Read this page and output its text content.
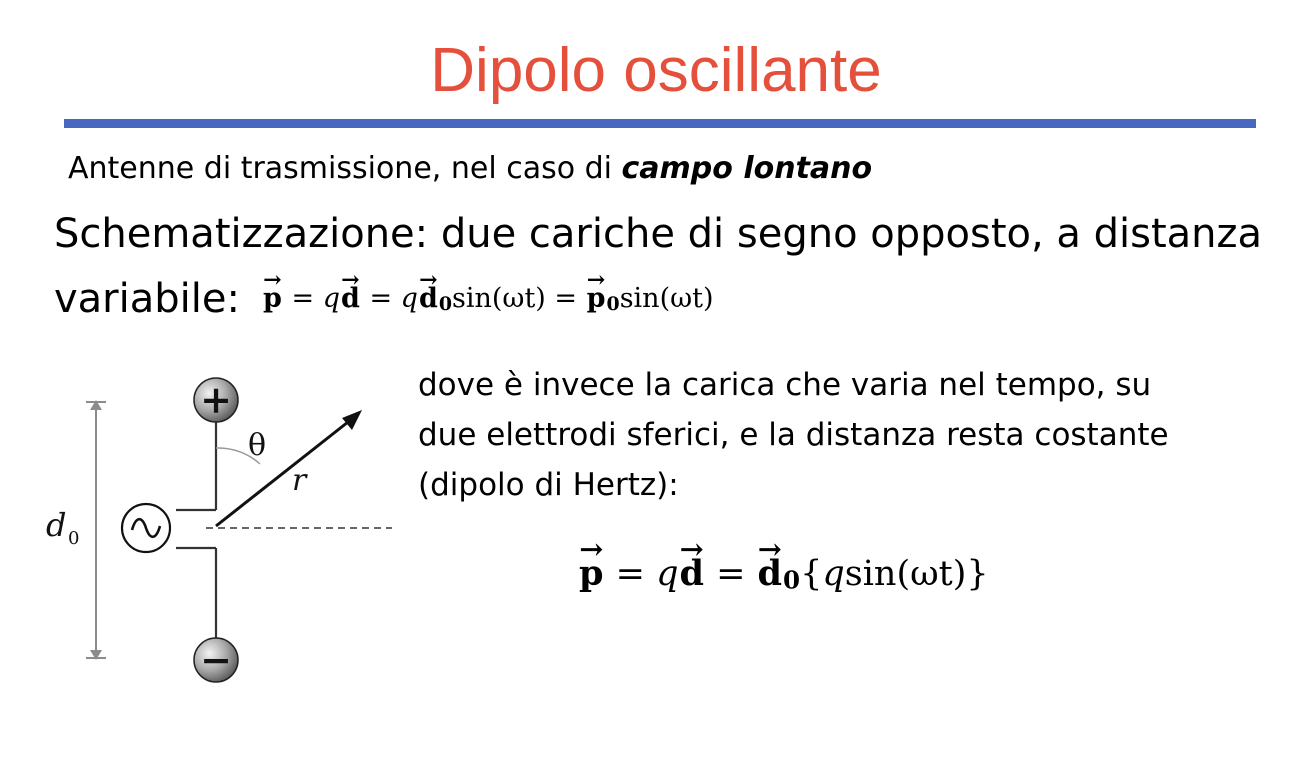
Dipolo oscillante
Antenne di trasmissione, nel caso di campo lontano
Schematizzazione: due cariche di segno opposto, a distanza
variabile:
→ p = q→ d = q→ d0sin(ωt) = → p0sin(ωt)
dove è invece la carica che varia nel tempo, su
due elettrodi sferici, e la distanza resta costante
(dipolo di Hertz):
→ p = q→ d = → d0{qsin(ωt)}
+
−
θ
r
d 0
